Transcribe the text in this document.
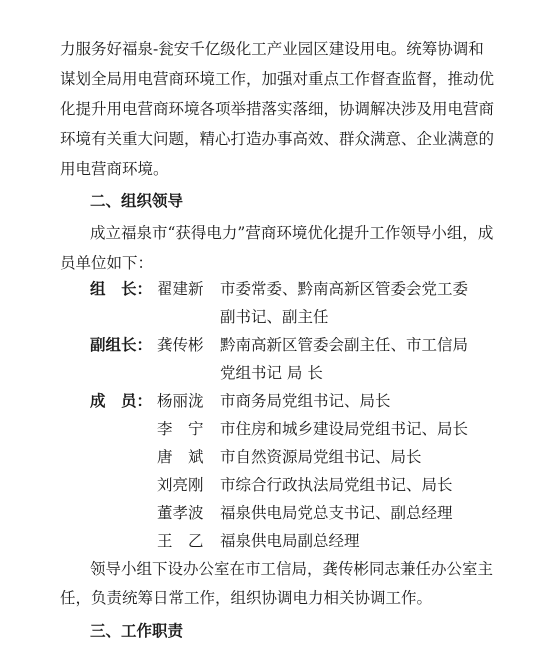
力服务好福泉-瓮安千亿级化工产业园区建设用电。统筹协调和
谋划全局用电营商环境工作，加强对重点工作督查监督，推动优
化提升用电营商环境各项举措落实落细，协调解决涉及用电营商
环境有关重大问题，精心打造办事高效、群众满意、企业满意的
用电营商环境。
二、组织领导
成立福泉市“获得电力”营商环境优化提升工作领导小组，成
员单位如下：
组　长： 翟建新 市委常委、黔南高新区管委会党工委
副书记、副主任
副组长： 龚传彬 黔南高新区管委会副主任、市工信局
党组书记 局 长
成　员： 杨丽泷 市商务局党组书记、局长
李　宁 市住房和城乡建设局党组书记、局长
唐　斌 市自然资源局党组书记、局长
刘亮刚 市综合行政执法局党组书记、局长
董孝波 福泉供电局党总支书记、副总经理
王　乙 福泉供电局副总经理
领导小组下设办公室在市工信局，龚传彬同志兼任办公室主
任，负责统筹日常工作，组织协调电力相关协调工作。
三、工作职责
